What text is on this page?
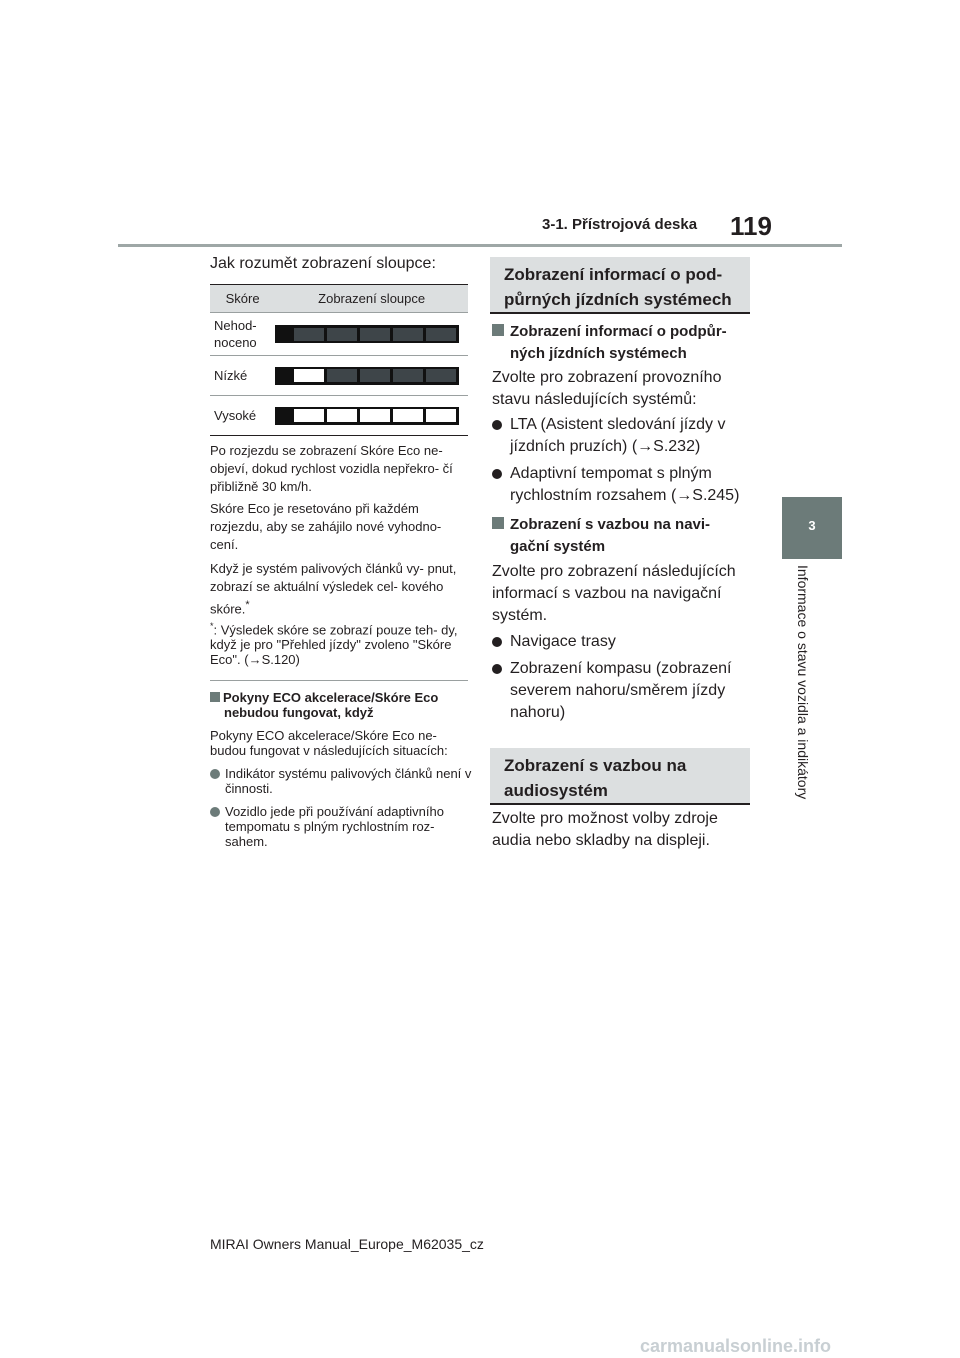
3-1. Přístrojová deska 119
3
Informace o stavu vozidla a indikátory
Jak rozumět zobrazení sloupce:
Skóre	Zobrazení sloupce
Nehod-
noceno	

Nízké	

Vysoké	
Po rozjezdu se zobrazení Skóre Eco ne- objeví, dokud rychlost vozidla nepřekro- čí přibližně 30 km/h.
Skóre Eco je resetováno při každém rozjezdu, aby se zahájilo nové vyhodno- cení.
Když je systém palivových článků vy- pnut, zobrazí se aktuální výsledek cel- kového skóre.*
*: Výsledek skóre se zobrazí pouze teh- dy, když je pro "Přehled jízdy" zvoleno "Skóre Eco". (→S.120)
Pokyny ECO akcelerace/Skóre Eco
nebudou fungovat, když
Pokyny ECO akcelerace/Skóre Eco ne- budou fungovat v následujících situacích:
Indikátor systému palivových článků není v činnosti.
Vozidlo jede při používání adaptivního tempomatu s plným rychlostním roz- sahem.
Zobrazení informací o pod- půrných jízdních systémech
Zobrazení informací o podpůr-
ných jízdních systémech
Zvolte pro zobrazení provozního stavu následujících systémů:
LTA (Asistent sledování jízdy v jízdních pruzích) (→S.232)
Adaptivní tempomat s plným rychlostním rozsahem (→S.245)
Zobrazení s vazbou na navi-
gační systém
Zvolte pro zobrazení následujících informací s vazbou na navigační systém.
Navigace trasy
Zobrazení kompasu (zobrazení severem nahoru/směrem jízdy nahoru)
Zobrazení s vazbou na audiosystém
Zvolte pro možnost volby zdroje audia nebo skladby na displeji.
MIRAI Owners Manual_Europe_M62035_cz
carmanualsonline.info
